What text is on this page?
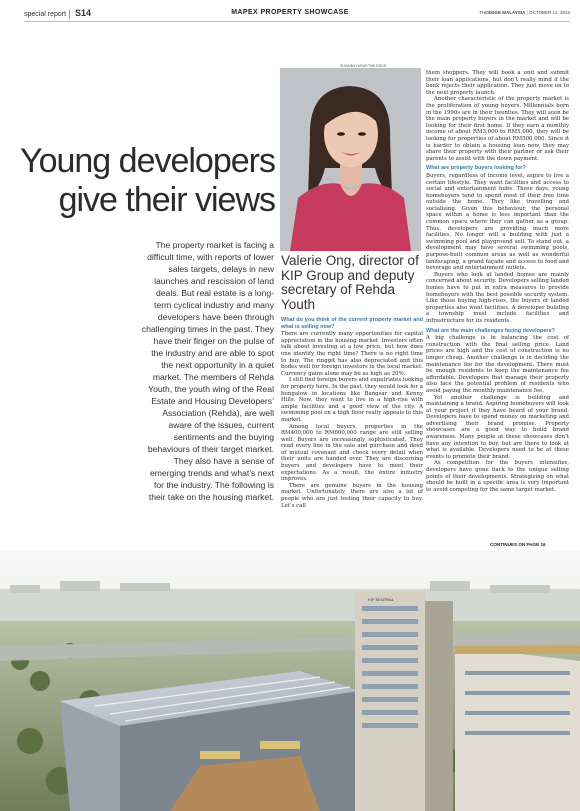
special report S14	MAPEX PROPERTY SHOWCASE	THEEDGE MALAYSIA | OCTOBER 12, 2015
SUHAIMI YUSUF/THE EDGE
Young developers give their views
The property market is facing a difficult time, with reports of lower sales targets, delays in new launches and rescission of land deals. But real estate is a long-term cyclical industry and many developers have been through challenging times in the past. They have their finger on the pulse of the industry and are able to spot the next opportunity in a quiet market. The members of Rehda Youth, the youth wing of the Real Estate and Housing Developers’ Association (Rehda), are well aware of the issues, current sentiments and the buying behaviours of their target market. They also have a sense of emerging trends and what’s next for the industry. The following is their take on the housing market.
Valerie Ong, director of KIP Group and deputy secretary of Rehda Youth
What do you think of the current property market and what is selling now?

There are currently many opportunities for capital appreciation in the housing market. Investors often talk about investing at a low price, but how does one identify the right time? There is no right time to buy. The ringgit has also depreciated and this bodes well for foreign investors in the local market. Currency gains alone may be as high as 20%.

I still find foreign buyers and expatriates looking for property here. In the past, they would look for a bungalow in locations like Bangsar and Kenny Hills. Now, they want to live in a high-rise with ample facilities and a good view of the city. A swimming pool on a high floor really appeals to this market.

Among local buyers, properties in the RM400,000 to RM600,000 range are still selling well. Buyers are increasingly sophisticated. They read every line in the sale and purchase and deed of mutual covenant and check every detail when their units are handed over. They are discerning buyers and developers have to meet their expectations. As a result, the entire industry improves.

There are genuine buyers in the housing market. Unfortunately, there are also a lot of people who are just testing their capacity to buy. Let’s call

them shoppers. They will book a unit and submit their loan applications, but don’t really mind if the bank rejects their application. They just move on to the next property launch.

Another characteristic of the property market is the proliferation of young buyers. Millennials born in the 1990s are in their twenties. They will soon be the main property buyers in the market and will be looking for their first home. If they earn a monthly income of about RM3,000 to RM5,000, they will be looking for properties of about RM500,000. Since it is harder to obtain a housing loan now, they may share their property with their partner or ask their parents to assist with the down payment.

What are property buyers looking for?

Buyers, regardless of income level, aspire to live a certain lifestyle. They want facilities and access to social and entertainment hubs. These days, young homebuyers tend to spend most of their free time outside the home. They like travelling and socialising. Given this behaviour, the personal space within a home is less important than the common space where they can gather as a group. Thus, developers are providing much more facilities. No longer will a building with just a swimming pool and playground sell. To stand out, a development may have several swimming pools, purpose-built common areas as well as wonderful landscaping, a grand façade and access to food and beverage and entertainment outlets.

Buyers who look at landed homes are mainly concerned about security. Developers selling landed homes have to put in extra measures to provide homebuyers with the best possible security system. Like those buying high-rises, the buyers of landed properties also want facilities. A developer building a township must include facilities and infrastructure for its residents.

What are the main challenges facing developers?

A big challenge is in balancing the cost of construction with the final selling price. Land prices are high and the cost of construction is no longer cheap. Another challenge is in deciding the maintenance fee for the development. There must be enough residents to keep the maintenance fee affordable. Developers that manage their property also face the potential problem of residents who avoid paying the monthly maintenance fee.

Yet another challenge is building and maintaining a brand. Aspiring homebuyers will look at your project if they have heard of your brand. Developers have to spend money on marketing and advertising their brand promise. Property showcases are a good way to build brand awareness. Many people at these showcases don’t have any intention to buy, but are there to look at what is available. Developers need to be at these events to promote their brand.

As competition for the buyers intensifies, developers have gone back to the unique selling points of their developments. Strategising on what should be built in a specific area is very important to avoid competing for the same target market.

CONTINUES ON PAGE 16
KIP SENTRAL
